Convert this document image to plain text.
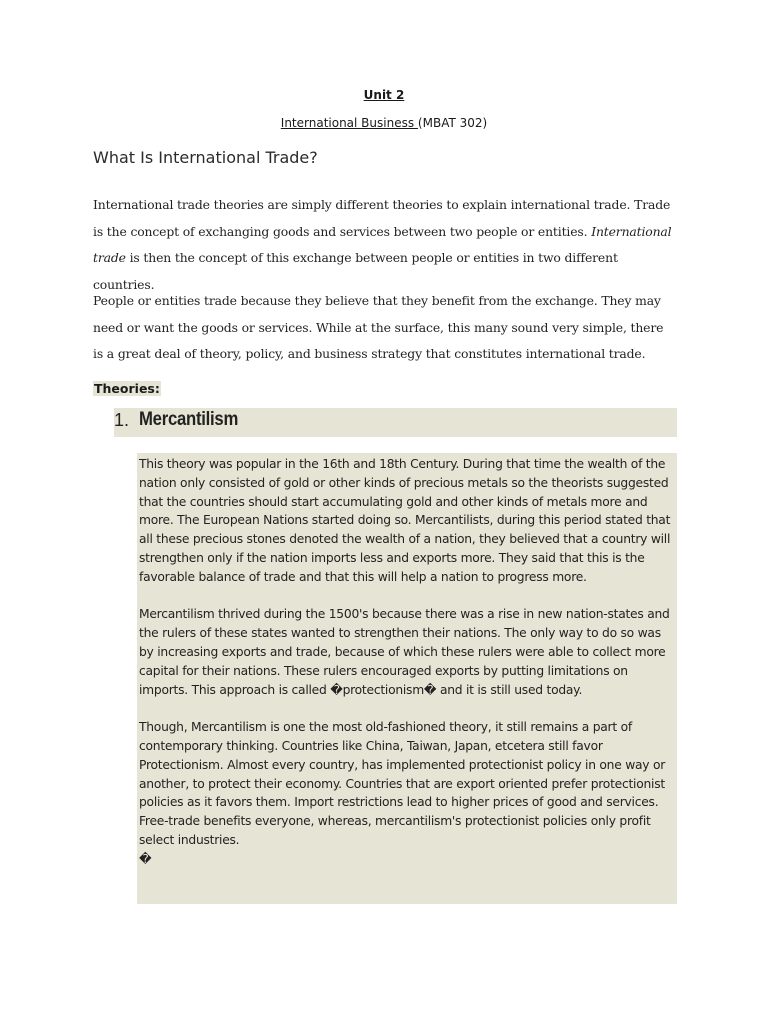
Unit 2
International Business (MBAT 302)
What Is International Trade?
International trade theories are simply different theories to explain international trade. Trade is the concept of exchanging goods and services between two people or entities. International trade is then the concept of this exchange between people or entities in two different countries.
People or entities trade because they believe that they benefit from the exchange. They may need or want the goods or services. While at the surface, this many sound very simple, there is a great deal of theory, policy, and business strategy that constitutes international trade.
Theories:
1. Mercantilism

This theory was popular in the 16th and 18th Century. During that time the wealth of the nation only consisted of gold or other kinds of precious metals so the theorists suggested that the countries should start accumulating gold and other kinds of metals more and more. The European Nations started doing so. Mercantilists, during this period stated that all these precious stones denoted the wealth of a nation, they believed that a country will strengthen only if the nation imports less and exports more. They said that this is the favorable balance of trade and that this will help a nation to progress more.

Mercantilism thrived during the 1500's because there was a rise in new nation-states and the rulers of these states wanted to strengthen their nations. The only way to do so was by increasing exports and trade, because of which these rulers were able to collect more capital for their nations. These rulers encouraged exports by putting limitations on imports. This approach is called �protectionism� and it is still used today.

Though, Mercantilism is one the most old-fashioned theory, it still remains a part of contemporary thinking. Countries like China, Taiwan, Japan, etcetera still favor Protectionism. Almost every country, has implemented protectionist policy in one way or another, to protect their economy. Countries that are export oriented prefer protectionist policies as it favors them. Import restrictions lead to higher prices of good and services. Free-trade benefits everyone, whereas, mercantilism's protectionist policies only profit select industries.

�
